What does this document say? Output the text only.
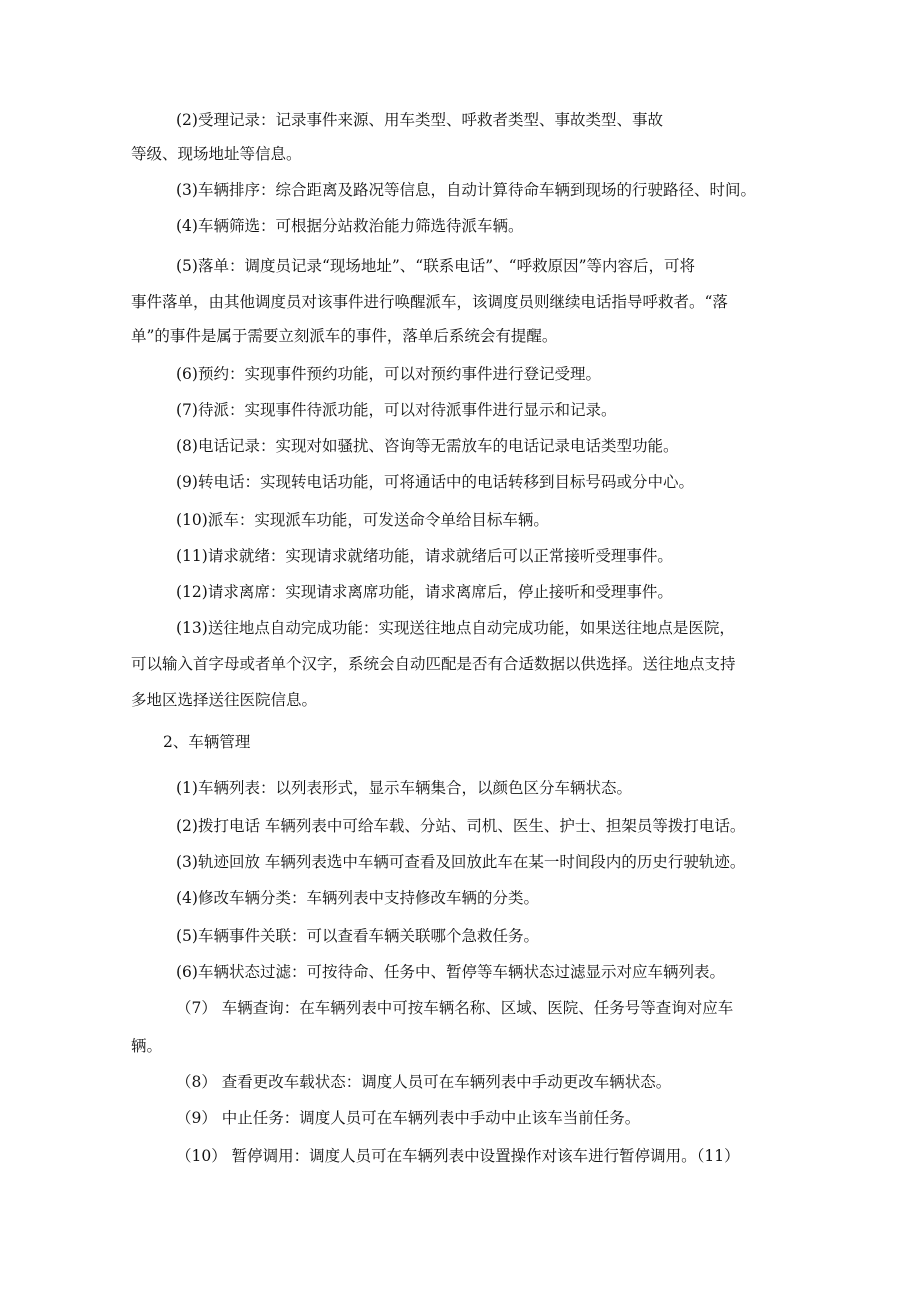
(2)受理记录：记录事件来源、用车类型、呼救者类型、事故类型、事故

等级、现场地址等信息。

(3)车辆排序：综合距离及路况等信息，自动计算待命车辆到现场的行驶路径、时间。

(4)车辆筛选：可根据分站救治能力筛选待派车辆。

(5)落单：调度员记录“现场地址”、“联系电话”、“呼救原因”等内容后，可将

事件落单，由其他调度员对该事件进行唤醒派车，该调度员则继续电话指导呼救者。“落

单”的事件是属于需要立刻派车的事件，落单后系统会有提醒。

(6)预约：实现事件预约功能，可以对预约事件进行登记受理。

(7)待派：实现事件待派功能，可以对待派事件进行显示和记录。

(8)电话记录：实现对如骚扰、咨询等无需放车的电话记录电话类型功能。

(9)转电话：实现转电话功能，可将通话中的电话转移到目标号码或分中心。

(10)派车：实现派车功能，可发送命令单给目标车辆。

(11)请求就绪：实现请求就绪功能，请求就绪后可以正常接听受理事件。

(12)请求离席：实现请求离席功能，请求离席后，停止接听和受理事件。

(13)送往地点自动完成功能：实现送往地点自动完成功能，如果送往地点是医院，

可以输入首字母或者单个汉字，系统会自动匹配是否有合适数据以供选择。送往地点支持

多地区选择送往医院信息。

2、车辆管理

(1)车辆列表：以列表形式，显示车辆集合，以颜色区分车辆状态。

(2)拨打电话 车辆列表中可给车载、分站、司机、医生、护士、担架员等拨打电话。

(3)轨迹回放 车辆列表选中车辆可查看及回放此车在某一时间段内的历史行驶轨迹。

(4)修改车辆分类：车辆列表中支持修改车辆的分类。

(5)车辆事件关联：可以查看车辆关联哪个急救任务。

(6)车辆状态过滤：可按待命、任务中、暂停等车辆状态过滤显示对应车辆列表。

（7） 车辆查询：在车辆列表中可按车辆名称、区域、医院、任务号等查询对应车

辆。

（8） 查看更改车载状态：调度人员可在车辆列表中手动更改车辆状态。

（9） 中止任务：调度人员可在车辆列表中手动中止该车当前任务。

（10） 暂停调用：调度人员可在车辆列表中设置操作对该车进行暂停调用。（11）
